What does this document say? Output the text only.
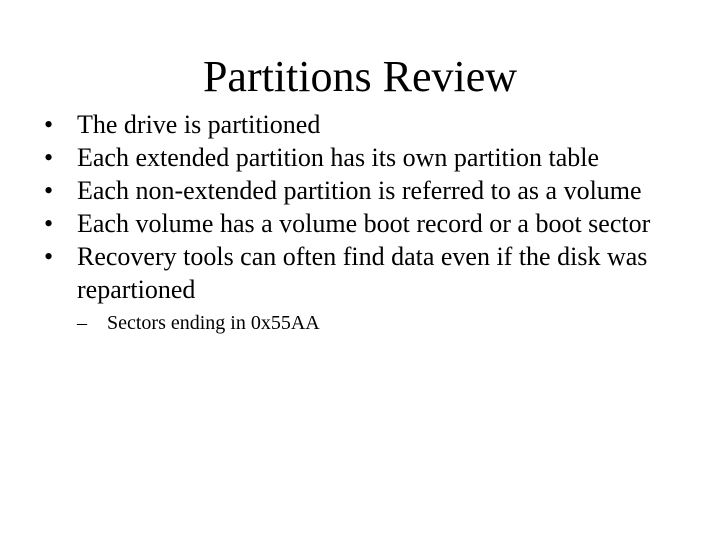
Partitions Review
• The drive is partitioned
• Each extended partition has its own partition table
• Each non-extended partition is referred to as a volume
• Each volume has a volume boot record or a boot sector
• Recovery tools can often find data even if the disk was repartioned
–	Sectors ending in 0x55AA
